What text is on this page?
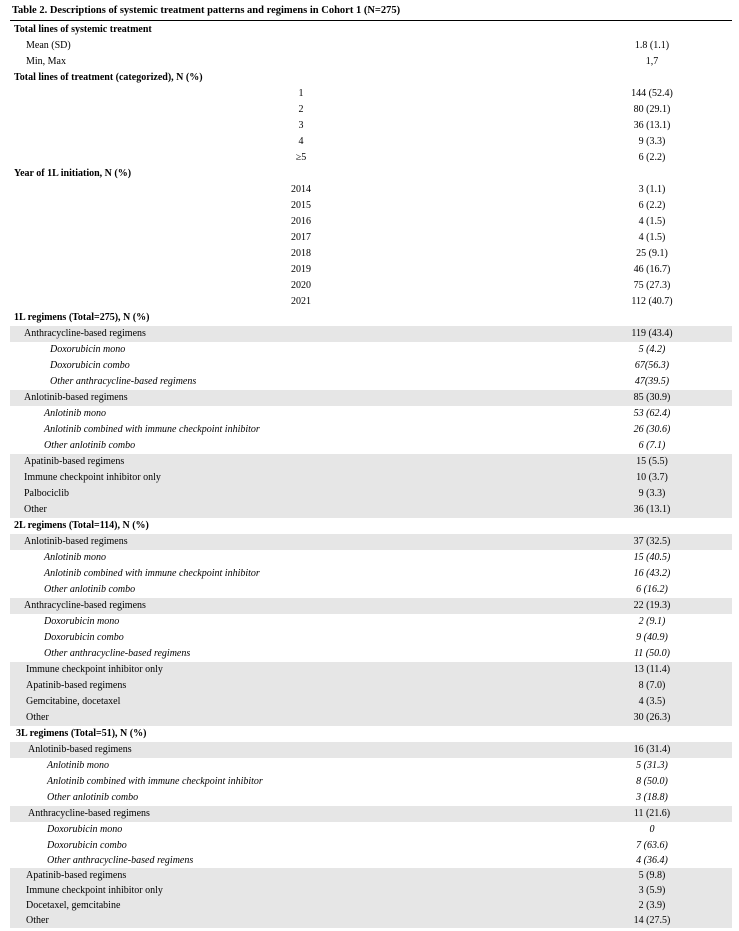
Table 2. Descriptions of systemic treatment patterns and regimens in Cohort 1 (N=275)
Total lines of systemic treatment
Mean (SD)	1.8 (1.1)
Min, Max	1,7
Total lines of treatment (categorized), N (%)
1	144 (52.4)
2	80 (29.1)
3	36 (13.1)
4	9 (3.3)
≥5	6 (2.2)
Year of 1L initiation, N (%)
2014	3 (1.1)
2015	6 (2.2)
2016	4 (1.5)
2017	4 (1.5)
2018	25 (9.1)
2019	46 (16.7)
2020	75 (27.3)
2021	112 (40.7)
1L regimens (Total=275), N (%)
Anthracycline-based regimens	119 (43.4)
Doxorubicin mono	5 (4.2)
Doxorubicin combo	67(56.3)
Other anthracycline-based regimens	47(39.5)
Anlotinib-based regimens	85 (30.9)
Anlotinib mono	53 (62.4)
Anlotinib combined with immune checkpoint inhibitor	26 (30.6)
Other anlotinib combo	6 (7.1)
Apatinib-based regimens	15 (5.5)
Immune checkpoint inhibitor only	10 (3.7)
Palbociclib	9 (3.3)
Other	36 (13.1)
2L regimens (Total=114), N (%)
Anlotinib-based regimens	37 (32.5)
Anlotinib mono	15 (40.5)
Anlotinib combined with immune checkpoint inhibitor	16 (43.2)
Other anlotinib combo	6 (16.2)
Anthracycline-based regimens	22 (19.3)
Doxorubicin mono	2 (9.1)
Doxorubicin combo	9 (40.9)
Other anthracycline-based regimens	11 (50.0)
Immune checkpoint inhibitor only	13 (11.4)
Apatinib-based regimens	8 (7.0)
Gemcitabine, docetaxel	4 (3.5)
Other	30 (26.3)
3L regimens (Total=51), N (%)
Anlotinib-based regimens	16 (31.4)
Anlotinib mono	5 (31.3)
Anlotinib combined with immune checkpoint inhibitor	8 (50.0)
Other anlotinib combo	3 (18.8)
Anthracycline-based regimens	11 (21.6)
Doxorubicin mono	0
Doxorubicin combo	7 (63.6)
Other anthracycline-based regimens	4 (36.4)
Apatinib-based regimens	5 (9.8)
Immune checkpoint inhibitor only	3 (5.9)
Docetaxel, gemcitabine	2 (3.9)
Other	14 (27.5)
